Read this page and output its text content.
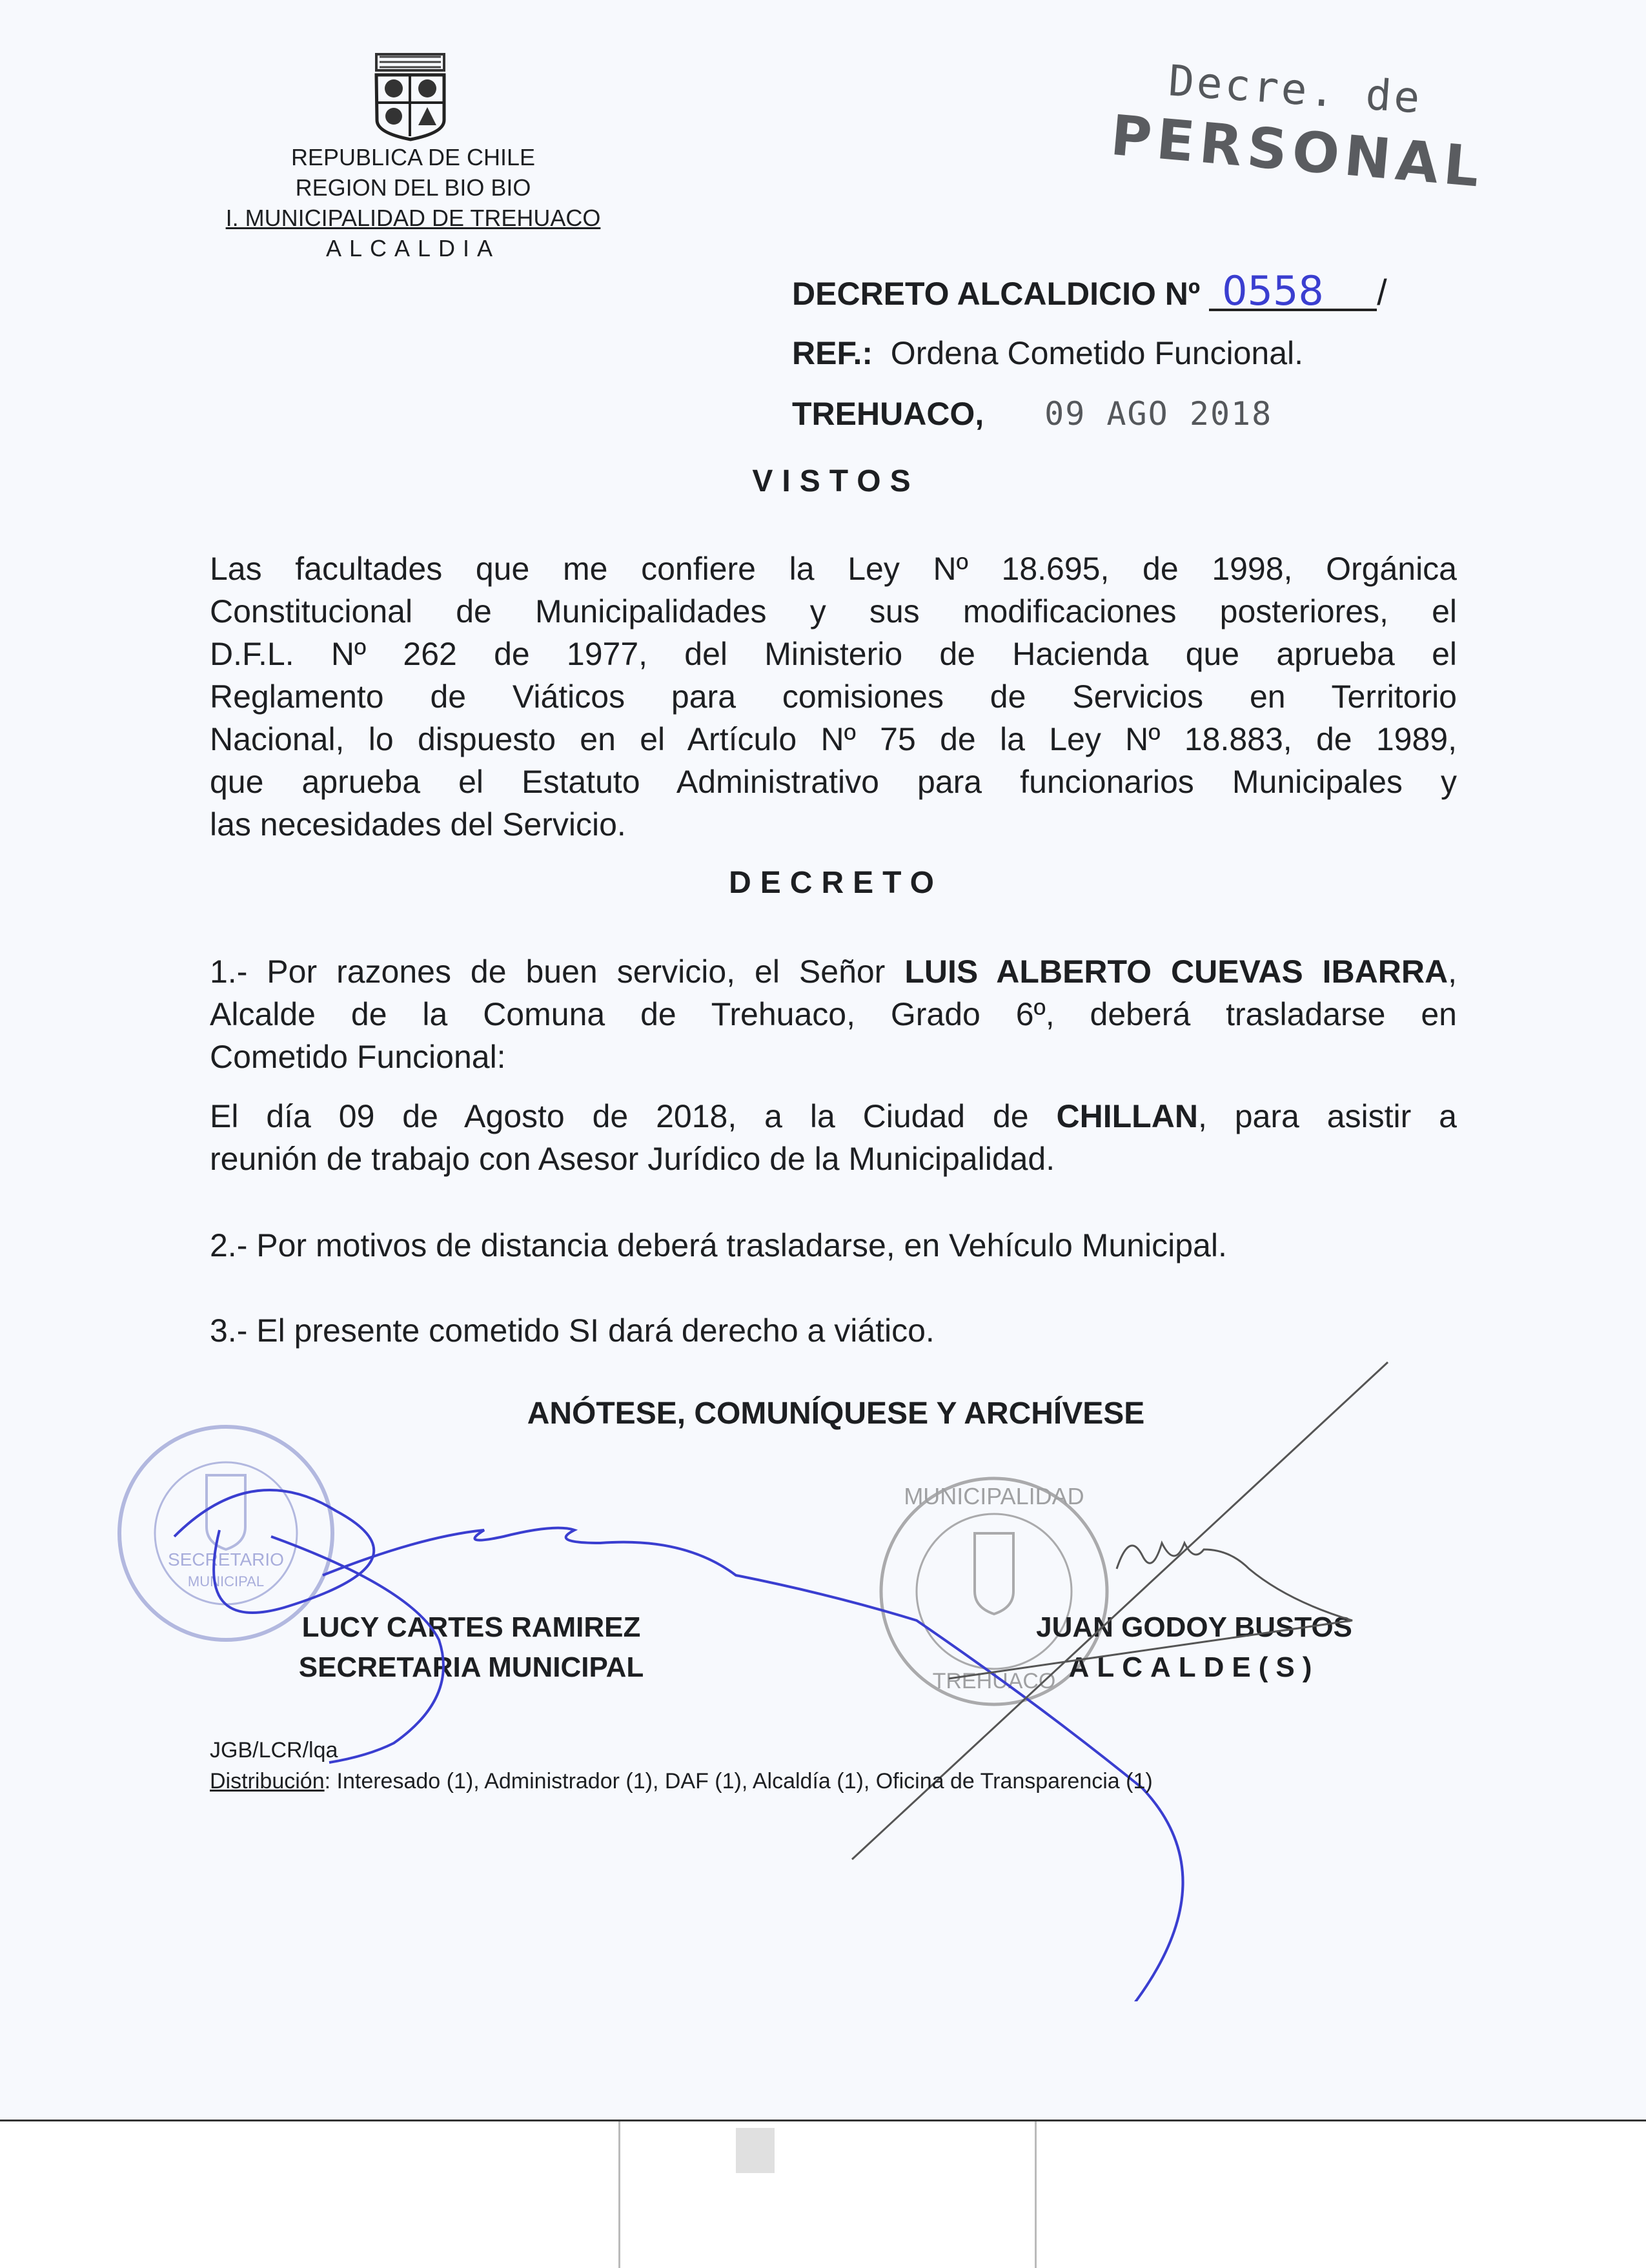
REPUBLICA DE CHILE
REGION DEL BIO BIO
I. MUNICIPALIDAD DE TREHUACO
ALCALDIA
Decre. de
PERSONAL
DECRETO ALCALDICIO Nº 0558 /
REF.: Ordena Cometido Funcional.
TREHUACO, 09 AGO 2018
VISTOS
Las facultades que me confiere la Ley Nº 18.695, de 1998, Orgánica
Constitucional de Municipalidades y sus modificaciones posteriores, el
D.F.L. Nº 262 de 1977, del Ministerio de Hacienda que aprueba el
Reglamento de Viáticos para comisiones de Servicios en Territorio
Nacional, lo dispuesto en el Artículo Nº 75 de la Ley Nº 18.883, de 1989,
que aprueba el Estatuto Administrativo para funcionarios Municipales y
las necesidades del Servicio.
DECRETO
1.- Por razones de buen servicio, el Señor LUIS ALBERTO CUEVAS IBARRA,
Alcalde de la Comuna de Trehuaco, Grado 6º, deberá trasladarse en
Cometido Funcional:
El día 09 de Agosto de 2018, a la Ciudad de CHILLAN, para asistir a
reunión de trabajo con Asesor Jurídico de la Municipalidad.
2.- Por motivos de distancia deberá trasladarse, en Vehículo Municipal.
3.- El presente cometido SI dará derecho a viático.
ANÓTESE, COMUNÍQUESE Y ARCHÍVESE
SECRETARIO
MUNICIPAL
MUNICIPALIDAD
TREHUACO
LUCY CARTES RAMIREZ
SECRETARIA MUNICIPAL
JUAN GODOY BUSTOS
ALCALDE(S)
JGB/LCR/lqa
Distribución: Interesado (1), Administrador (1), DAF (1), Alcaldía (1), Oficina de Transparencia (1)
